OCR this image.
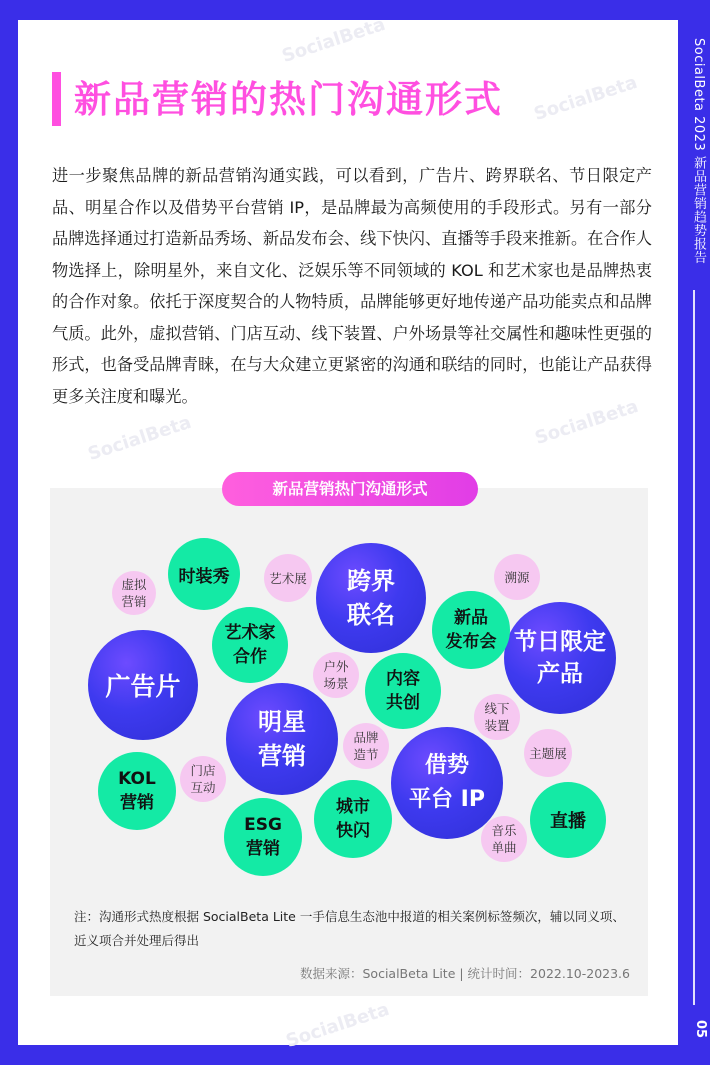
SocialBeta 2023 新品营销趋势报告
05
SocialBeta
SocialBeta
SocialBeta	SocialBeta
SocialBeta
新品营销的热门沟通形式
进一步聚焦品牌的新品营销沟通实践，可以看到，广告片、跨界联名、节日限定产品、明星合作以及借势平台营销 IP，是品牌最为高频使用的手段形式。另有一部分品牌选择通过打造新品秀场、新品发布会、线下快闪、直播等手段来推新。在合作人物选择上，除明星外，来自文化、泛娱乐等不同领域的 KOL 和艺术家也是品牌热衷的合作对象。依托于深度契合的人物特质，品牌能够更好地传递产品功能卖点和品牌气质。此外，虚拟营销、门店互动、线下装置、户外场景等社交属性和趣味性更强的形式，也备受品牌青睐，在与大众建立更紧密的沟通和联结的同时，也能让产品获得更多关注度和曝光。
新品营销热门沟通形式
广告片
跨界
联名
节日限定
产品
明星
营销	借势
平台 IP
时装秀
艺术家
合作
新品
发布会
内容
共创
KOL
营销
ESG
营销
城市
快闪	直播
虚拟
营销
艺术展	溯源
户外
场景
线下
装置
品牌
造节	主题展
门店
互动
音乐
单曲
注：沟通形式热度根据 SocialBeta Lite 一手信息生态池中报道的相关案例标签频次，辅以同义项、近义项合并处理后得出
数据来源：SocialBeta Lite | 统计时间：2022.10-2023.6
